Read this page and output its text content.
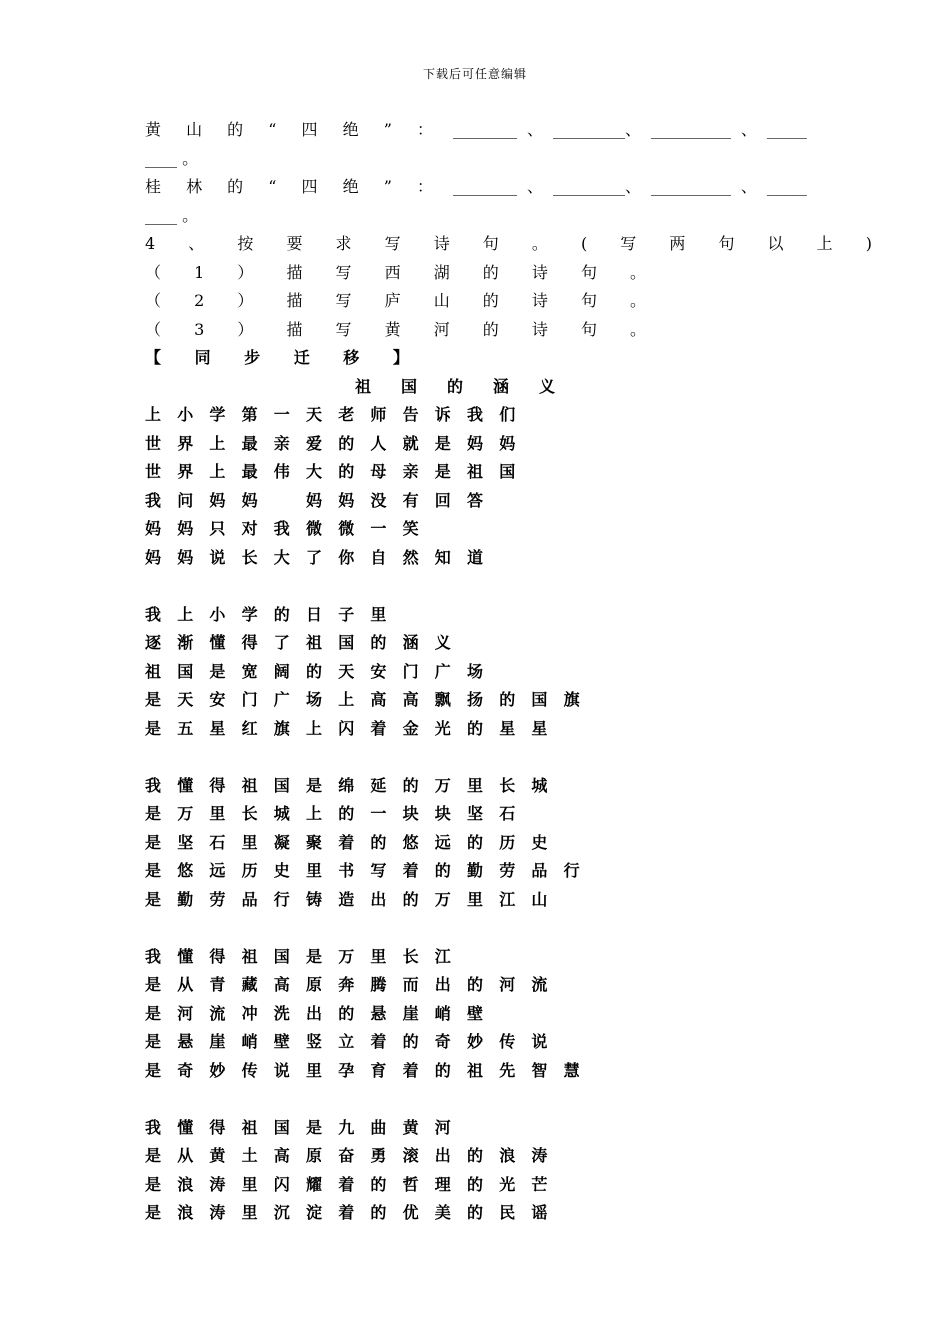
下载后可任意编辑
黄 山 的 “ 四 绝 ” ： ________ 、 _________、 __________ 、 _____
____ 。
桂 林 的 “ 四 绝 ” ： ________ 、 _________、 __________ 、 _____
____ 。
4 、 按 要 求 写 诗 句 。 ( 写 两 句 以 上 )
（ 1 ） 描 写 西 湖 的 诗 句 。
（ 2 ） 描 写 庐 山 的 诗 句 。
（ 3 ） 描 写 黄 河 的 诗 句 。
【 同 步 迁 移 】
祖国的涵义
上小学第一天老师告诉我们
世界上最亲爱的人就是妈妈
世界上最伟大的母亲是祖国
我问妈妈　妈妈没有回答
妈妈只对我微微一笑
妈妈说长大了你自然知道
我上小学的日子里
逐渐懂得了祖国的涵义
祖国是宽阔的天安门广场
是天安门广场上高高飘扬的国旗
是五星红旗上闪着金光的星星
我懂得祖国是绵延的万里长城
是万里长城上的一块块坚石
是坚石里凝聚着的悠远的历史
是悠远历史里书写着的勤劳品行
是勤劳品行铸造出的万里江山
我懂得祖国是万里长江
是从青藏高原奔腾而出的河流
是河流冲洗出的悬崖峭壁
是悬崖峭壁竖立着的奇妙传说
是奇妙传说里孕育着的祖先智慧
我懂得祖国是九曲黄河
是从黄土高原奋勇滚出的浪涛
是浪涛里闪耀着的哲理的光芒
是浪涛里沉淀着的优美的民谣
